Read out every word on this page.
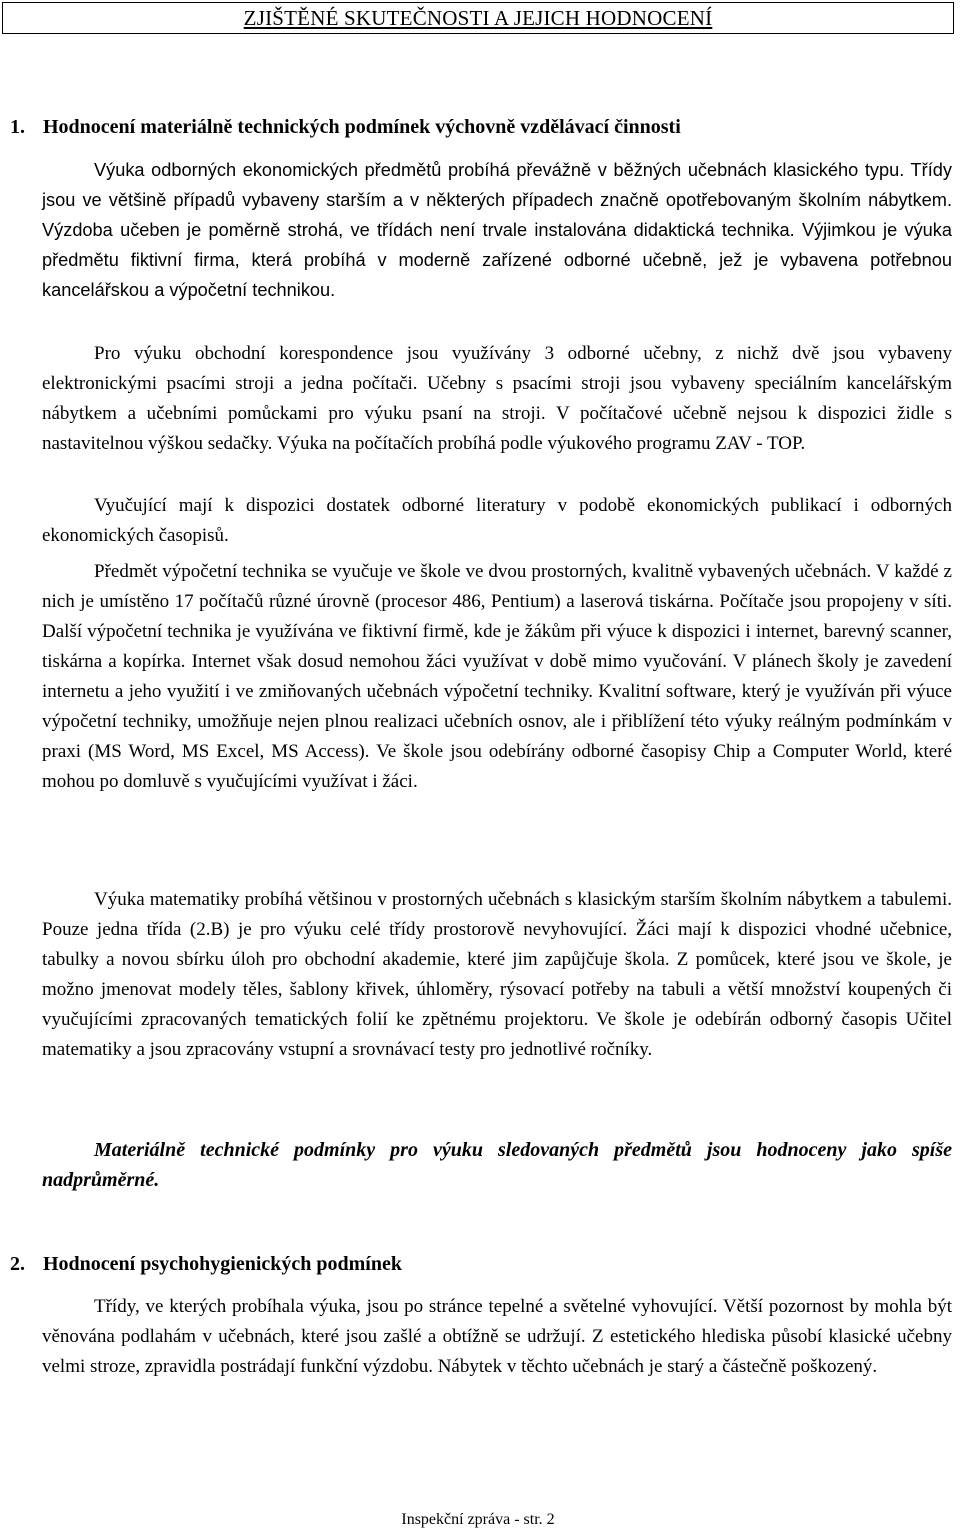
ZJIŠTĚNÉ SKUTEČNOSTI A JEJICH HODNOCENÍ
1. Hodnocení materiálně technických podmínek výchovně vzdělávací činnosti

Výuka odborných ekonomických předmětů probíhá převážně v běžných učebnách klasického typu. Třídy jsou ve většině případů vybaveny starším a v některých případech značně opotřebovaným školním nábytkem. Výzdoba učeben je poměrně strohá, ve třídách není trvale instalována didaktická technika. Výjimkou je výuka předmětu fiktivní firma, která probíhá v moderně zařízené odborné učebně, jež je vybavena potřebnou kancelářskou a výpočetní technikou.

Pro výuku obchodní korespondence jsou využívány 3 odborné učebny, z nichž dvě jsou vybaveny elektronickými psacími stroji a jedna počítači. Učebny s psacími stroji jsou vybaveny speciálním kancelářským nábytkem a učebními pomůckami pro výuku psaní na stroji. V počítačové učebně nejsou k dispozici židle s nastavitelnou výškou sedačky. Výuka na počítačích probíhá podle výukového programu ZAV - TOP.

Vyučující mají k dispozici dostatek odborné literatury v podobě ekonomických publikací i odborných ekonomických časopisů.

Předmět výpočetní technika se vyučuje ve škole ve dvou prostorných, kvalitně vybavených učebnách. V každé z nich je umístěno 17 počítačů různé úrovně (procesor 486, Pentium) a laserová tiskárna. Počítače jsou propojeny v síti. Další výpočetní technika je využívána ve fiktivní firmě, kde je žákům při výuce k dispozici i internet, barevný scanner, tiskárna a kopírka. Internet však dosud nemohou žáci využívat v době mimo vyučování. V plánech školy je zavedení internetu a jeho využití i ve zmiňovaných učebnách výpočetní techniky. Kvalitní software, který je využíván při výuce výpočetní techniky, umožňuje nejen plnou realizaci učebních osnov, ale i přiblížení této výuky reálným podmínkám v praxi (MS Word, MS Excel, MS Access). Ve škole jsou odebírány odborné časopisy Chip a Computer World, které mohou po domluvě s vyučujícími využívat i žáci.

Výuka matematiky probíhá většinou v prostorných učebnách s klasickým starším školním nábytkem a tabulemi. Pouze jedna třída (2.B) je pro výuku celé třídy prostorově nevyhovující. Žáci mají k dispozici vhodné učebnice, tabulky a novou sbírku úloh pro obchodní akademie, které jim zapůjčuje škola. Z pomůcek, které jsou ve škole, je možno jmenovat modely těles, šablony křivek, úhloměry, rýsovací potřeby na tabuli a větší množství koupených či vyučujícími zpracovaných tematických folií ke zpětnému projektoru. Ve škole je odebírán odborný časopis Učitel matematiky a jsou zpracovány vstupní a srovnávací testy pro jednotlivé ročníky.

Materiálně technické podmínky pro výuku sledovaných předmětů jsou hodnoceny jako spíše nadprůměrné.

2. Hodnocení psychohygienických podmínek

Třídy, ve kterých probíhala výuka, jsou po stránce tepelné a světelné vyhovující. Větší pozornost by mohla být věnována podlahám v učebnách, které jsou zašlé a obtížně se udržují. Z estetického hlediska působí klasické učebny velmi stroze, zpravidla postrádají funkční výzdobu. Nábytek v těchto učebnách je starý a částečně poškozený.

Inspekční zpráva - str. 2
